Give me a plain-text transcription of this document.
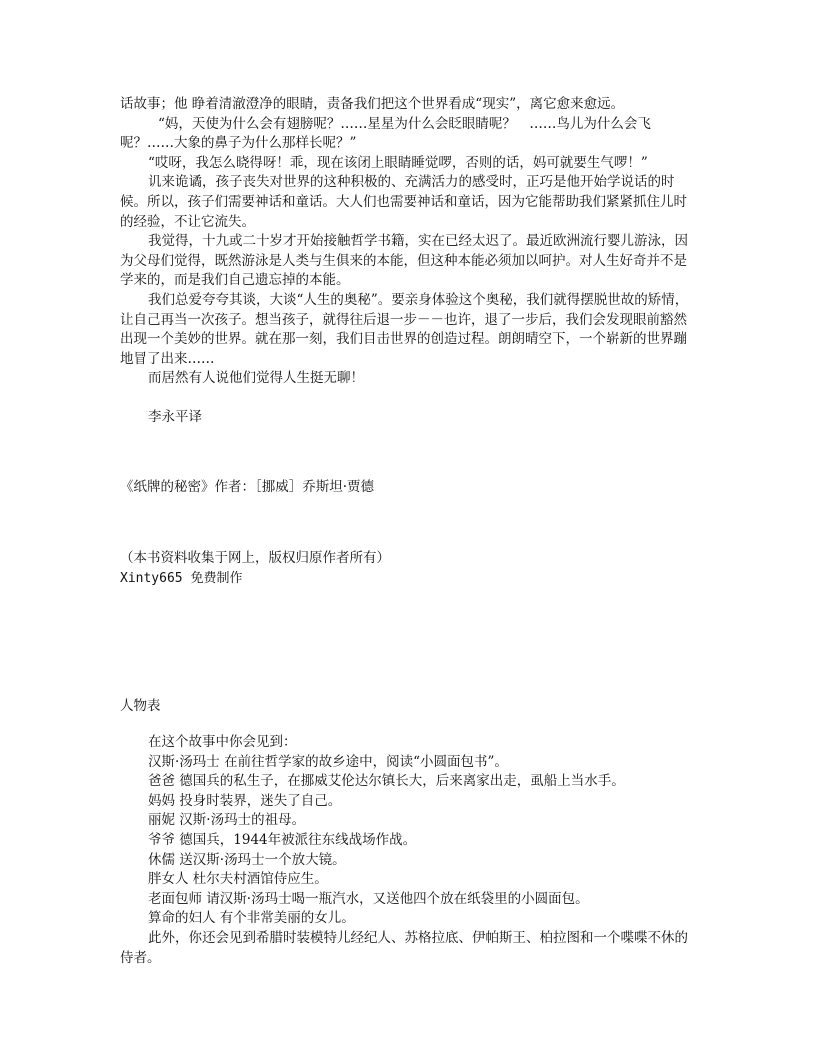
话故事；他 睁着清澈澄净的眼睛，责备我们把这个世界看成“现实”，离它愈来愈远。

“妈，天使为什么会有翅膀呢？……星星为什么会眨眼睛呢？　……鸟儿为什么会飞呢？……大象的鼻子为什么那样长呢？”

“哎呀，我怎么晓得呀！乖，现在该闭上眼睛睡觉啰，否则的话，妈可就要生气啰！”

讥来诡谲，孩子丧失对世界的这种积极的、充满活力的感受时，正巧是他开始学说话的时候。所以，孩子们需要神话和童话。大人们也需要神话和童话，因为它能帮助我们紧紧抓住儿时的经验，不让它流失。

我觉得，十九或二十岁才开始接触哲学书籍，实在已经太迟了。最近欧洲流行婴儿游泳，因为父母们觉得，既然游泳是人类与生俱来的本能，但这种本能必须加以呵护。对人生好奇并不是学来的，而是我们自己遗忘掉的本能。

我们总爱夸夸其谈，大谈“人生的奥秘”。要亲身体验这个奥秘，我们就得摆脱世故的矫情，让自己再当一次孩子。想当孩子，就得往后退一步－－也许，退了一步后，我们会发现眼前豁然出现一个美妙的世界。就在那一刻，我们目击世界的创造过程。朗朗晴空下，一个崭新的世界蹦地冒了出来……

而居然有人说他们觉得人生挺无聊！

李永平译

《纸牌的秘密》作者：［挪威］乔斯坦·贾德
（本书资料收集于网上，版权归原作者所有）
Xinty665 免费制作
人物表

在这个故事中你会见到：

汉斯·汤玛士 在前往哲学家的故乡途中，阅读“小圆面包书”。

爸爸 德国兵的私生子，在挪威艾伦达尔镇长大，后来离家出走，虱船上当水手。

妈妈 投身时装界，迷失了自己。

丽妮 汉斯·汤玛士的祖母。

爷爷 德国兵，1944年被派往东线战场作战。

休儒 送汉斯·汤玛士一个放大镜。

胖女人 杜尔夫村酒馆侍应生。

老面包师 请汉斯·汤玛士喝一瓶汽水，又送他四个放在纸袋里的小圆面包。

算命的妇人 有个非常美丽的女儿。

此外，你还会见到希腊时装模特儿经纪人、苏格拉底、伊帕斯王、柏拉图和一个喋喋不休的侍者。
